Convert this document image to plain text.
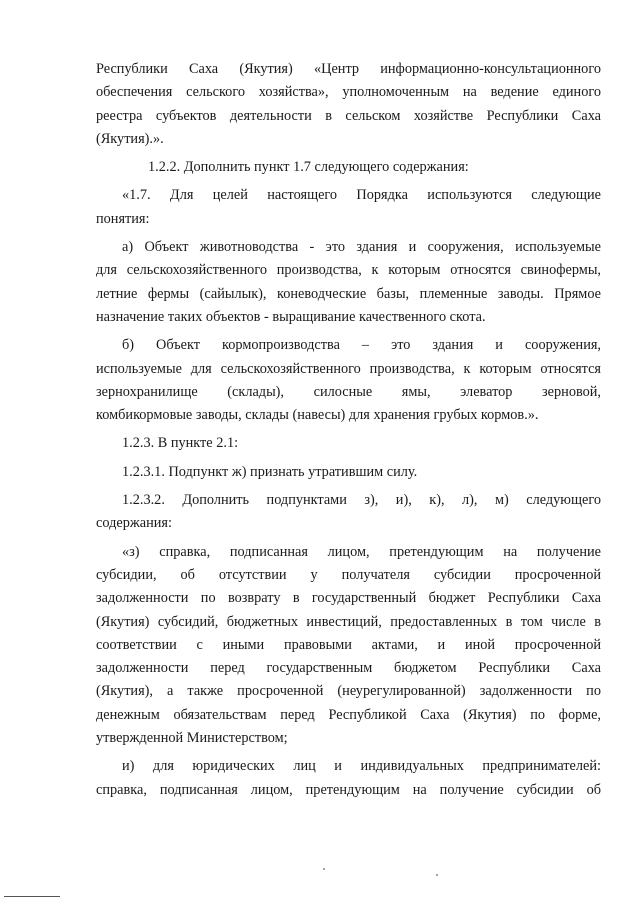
Республики Саха (Якутия) «Центр информационно-консультационного
обеспечения сельского хозяйства», уполномоченным на ведение единого
реестра субъектов деятельности в сельском хозяйстве Республики Саха
(Якутия).».
1.2.2. Дополнить пункт 1.7 следующего содержания:
«1.7. Для целей настоящего Порядка используются следующие
понятия:
а) Объект животноводства - это здания и сооружения, используемые
для сельскохозяйственного производства, к которым относятся свинофермы,
летние фермы (сайылык), коневодческие базы, племенные заводы. Прямое
назначение таких объектов - выращивание качественного скота.
б) Объект кормопроизводства – это здания и сооружения,
используемые для сельскохозяйственного производства, к которым относятся
зернохранилище (склады), силосные ямы, элеватор зерновой,
комбикормовые заводы, склады (навесы) для хранения грубых кормов.».
1.2.3. В пункте 2.1:
1.2.3.1. Подпункт ж) признать утратившим силу.
1.2.3.2. Дополнить подпунктами з), и), к), л), м) следующего
содержания:
«з) справка, подписанная лицом, претендующим на получение
субсидии, об отсутствии у получателя субсидии просроченной
задолженности по возврату в государственный бюджет Республики Саха
(Якутия) субсидий, бюджетных инвестиций, предоставленных в том числе в
соответствии с иными правовыми актами, и иной просроченной
задолженности перед государственным бюджетом Республики Саха
(Якутия), а также просроченной (неурегулированной) задолженности по
денежным обязательствам перед Республикой Саха (Якутия) по форме,
утвержденной Министерством;
и) для юридических лиц и индивидуальных предпринимателей:
справка, подписанная лицом, претендующим на получение субсидии об
